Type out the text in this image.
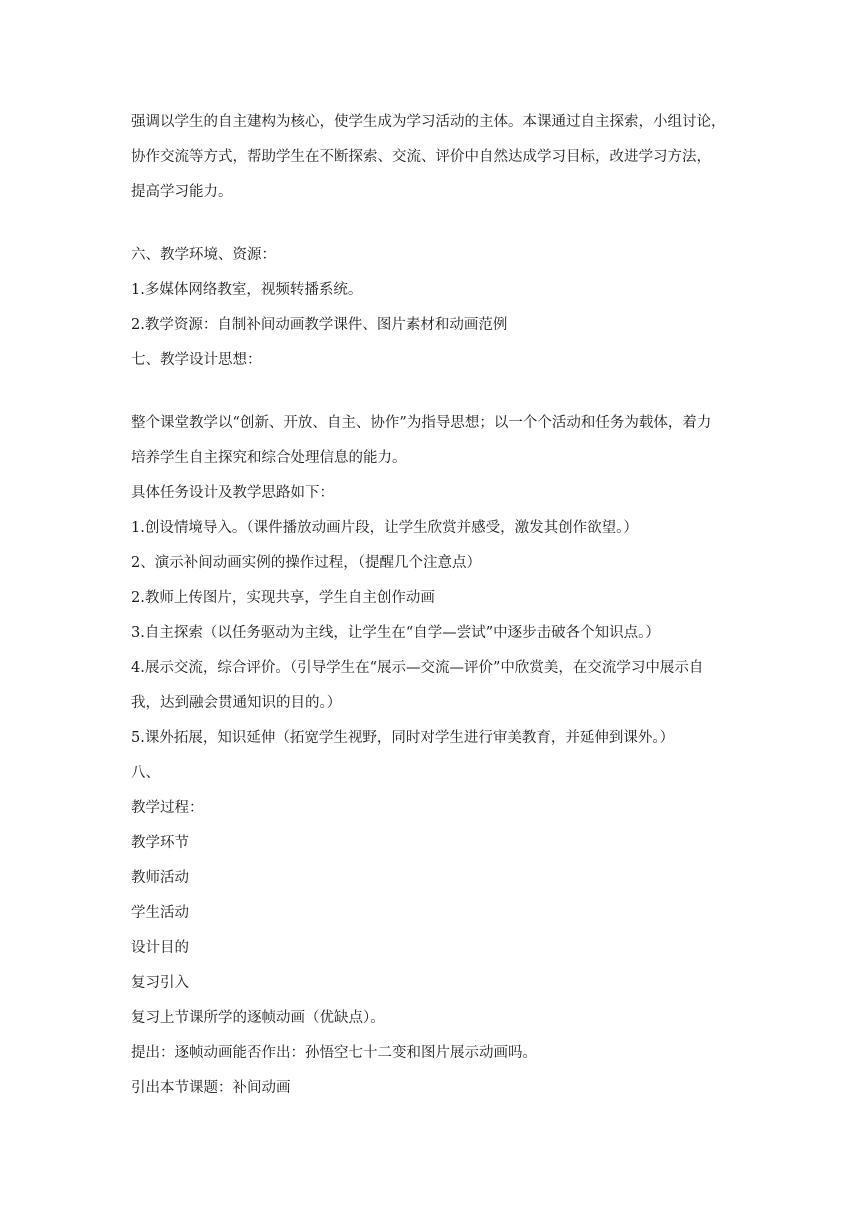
强调以学生的自主建构为核心，使学生成为学习活动的主体。本课通过自主探索，小组讨论，
协作交流等方式，帮助学生在不断探索、交流、评价中自然达成学习目标，改进学习方法，
提高学习能力。
六、教学环境、资源：
1.多媒体网络教室，视频转播系统。
2.教学资源：自制补间动画教学课件、图片素材和动画范例
七、教学设计思想：
整个课堂教学以“创新、开放、自主、协作”为指导思想；以一个个活动和任务为载体，着力
培养学生自主探究和综合处理信息的能力。
具体任务设计及教学思路如下：
1.创设情境导入。（课件播放动画片段，让学生欣赏并感受，激发其创作欲望。）
2、演示补间动画实例的操作过程，（提醒几个注意点）
2.教师上传图片，实现共享，学生自主创作动画
3.自主探索（以任务驱动为主线，让学生在“自学—尝试”中逐步击破各个知识点。）
4.展示交流，综合评价。（引导学生在“展示—交流—评价”中欣赏美，在交流学习中展示自
我，达到融会贯通知识的目的。）
5.课外拓展，知识延伸（拓宽学生视野，同时对学生进行审美教育，并延伸到课外。）
八、
教学过程：
教学环节
教师活动
学生活动
设计目的
复习引入
复习上节课所学的逐帧动画（优缺点）。
提出：逐帧动画能否作出：孙悟空七十二变和图片展示动画吗。
引出本节课题：补间动画
